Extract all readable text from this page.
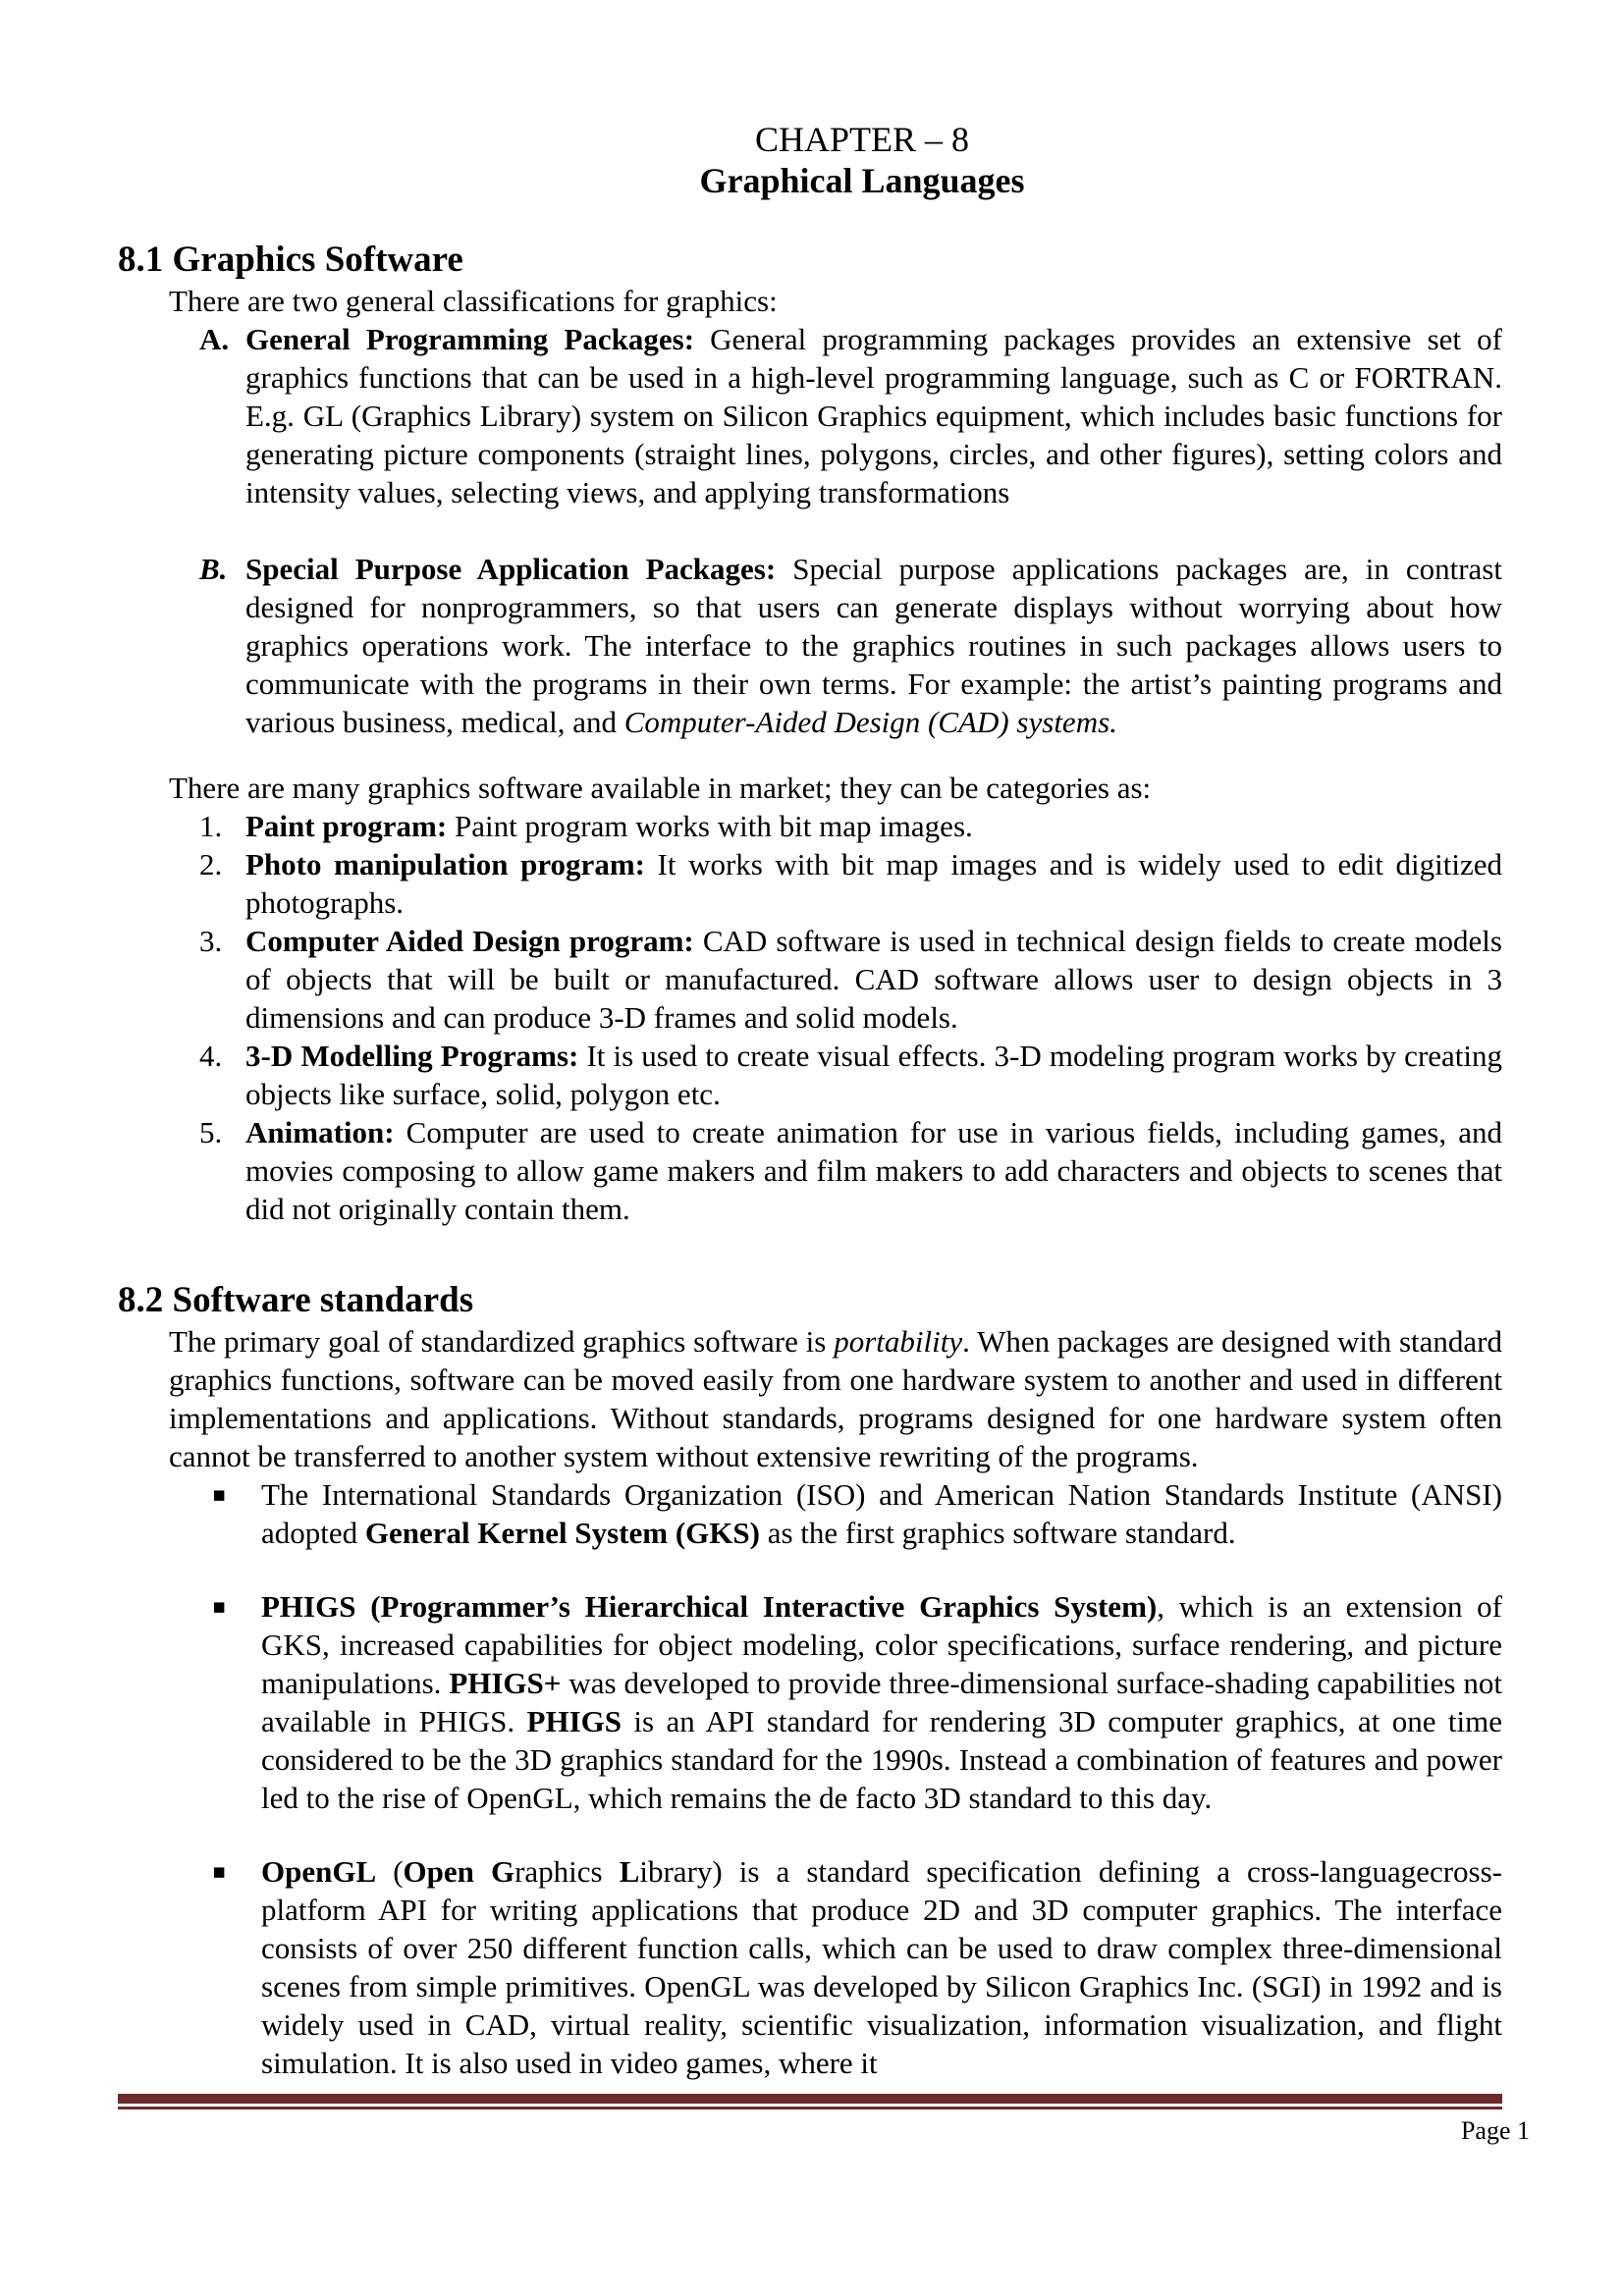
CHAPTER – 8
Graphical Languages
8.1 Graphics Software

There are two general classifications for graphics:

A. General Programming Packages: General programming packages provides an extensive set of graphics functions that can be used in a high-level programming language, such as C or FORTRAN. E.g. GL (Graphics Library) system on Silicon Graphics equipment, which includes basic functions for generating picture components (straight lines, polygons, circles, and other figures), setting colors and intensity values, selecting views, and applying transformations
B. Special Purpose Application Packages: Special purpose applications packages are, in contrast designed for nonprogrammers, so that users can generate displays without worrying about how graphics operations work. The interface to the graphics routines in such packages allows users to communicate with the programs in their own terms. For example: the artist’s painting programs and various business, medical, and Computer-Aided Design (CAD) systems.

There are many graphics software available in market; they can be categories as:

1. Paint program: Paint program works with bit map images.
2. Photo manipulation program: It works with bit map images and is widely used to edit digitized photographs.
3. Computer Aided Design program: CAD software is used in technical design fields to create models of objects that will be built or manufactured. CAD software allows user to design objects in 3 dimensions and can produce 3-D frames and solid models.
4. 3-D Modelling Programs: It is used to create visual effects. 3-D modeling program works by creating objects like surface, solid, polygon etc.
5. Animation: Computer are used to create animation for use in various fields, including games, and movies composing to allow game makers and film makers to add characters and objects to scenes that did not originally contain them.
8.2 Software standards

The primary goal of standardized graphics software is portability. When packages are designed with standard graphics functions, software can be moved easily from one hardware system to another and used in different implementations and applications. Without standards, programs designed for one hardware system often cannot be transferred to another system without extensive rewriting of the programs.

▪ The International Standards Organization (ISO) and American Nation Standards Institute (ANSI) adopted General Kernel System (GKS) as the first graphics software standard.
▪ PHIGS (Programmer’s Hierarchical Interactive Graphics System), which is an extension of GKS, increased capabilities for object modeling, color specifications, surface rendering, and picture manipulations. PHIGS+ was developed to provide three-dimensional surface-shading capabilities not available in PHIGS. PHIGS is an API standard for rendering 3D computer graphics, at one time considered to be the 3D graphics standard for the 1990s. Instead a combination of features and power led to the rise of OpenGL, which remains the de facto 3D standard to this day.
▪ OpenGL (Open Graphics Library) is a standard specification defining a cross-languagecross-platform API for writing applications that produce 2D and 3D computer graphics. The interface consists of over 250 different function calls, which can be used to draw complex three-dimensional scenes from simple primitives. OpenGL was developed by Silicon Graphics Inc. (SGI) in 1992 and is widely used in CAD, virtual reality, scientific visualization, information visualization, and flight simulation. It is also used in video games, where it
Page 1
